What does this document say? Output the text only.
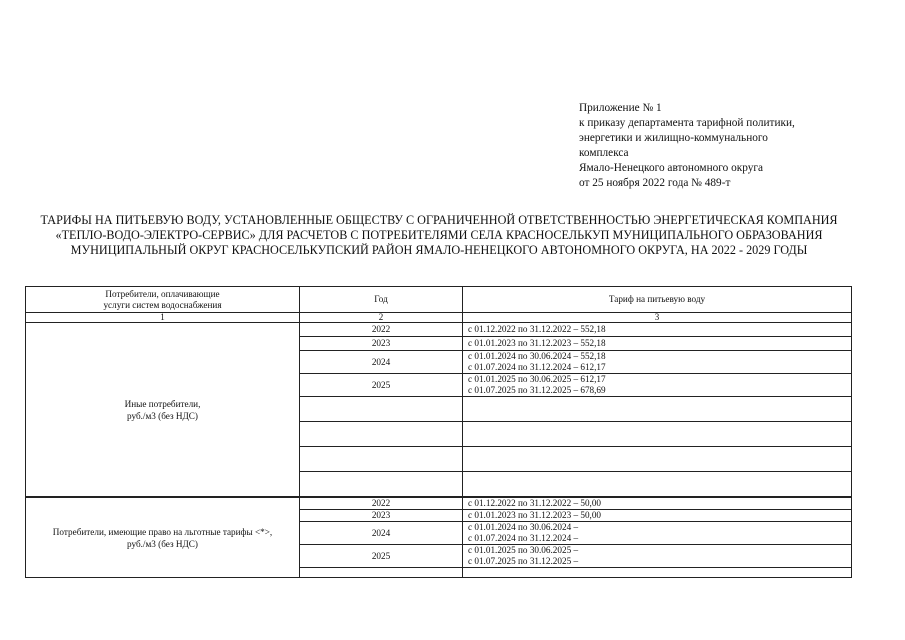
Приложение № 1
к приказу департамента тарифной политики,
энергетики и жилищно-коммунального
комплекса
Ямало-Ненецкого автономного округа
от 25 ноября 2022 года № 489-т
ТАРИФЫ НА ПИТЬЕВУЮ ВОДУ, УСТАНОВЛЕННЫЕ ОБЩЕСТВУ С ОГРАНИЧЕННОЙ ОТВЕТСТВЕННОСТЬЮ ЭНЕРГЕТИЧЕСКАЯ КОМПАНИЯ «ТЕПЛО-ВОДО-ЭЛЕКТРО-СЕРВИС» ДЛЯ РАСЧЕТОВ С ПОТРЕБИТЕЛЯМИ СЕЛА КРАСНОСЕЛЬКУП МУНИЦИПАЛЬНОГО ОБРАЗОВАНИЯ МУНИЦИПАЛЬНЫЙ ОКРУГ КРАСНОСЕЛЬКУПСКИЙ РАЙОН ЯМАЛО-НЕНЕЦКОГО АВТОНОМНОГО ОКРУГА, НА 2022 - 2029 ГОДЫ
Потребители, оплачивающие
услуги систем водоснабжения	Год	Тариф на питьевую воду
1	2	3

Иные потребители,
руб./м3 (без НДС)	2022	с 01.12.2022 по 31.12.2022 – 552,18
	2023	с 01.01.2023 по 31.12.2023 – 552,18
	2024	с 01.01.2024 по 30.06.2024 – 552,18
с 01.07.2024 по 31.12.2024 – 612,17

	2025	с 01.01.2025 по 30.06.2025 – 612,17
с 01.07.2025 по 31.12.2025 – 678,69

Потребители, имеющие право на льготные тарифы <*>,
руб./м3 (без НДС)	2022	с 01.12.2022 по 31.12.2022 – 50,00
	2023	с 01.01.2023 по 31.12.2023 – 50,00
	2024	с 01.01.2024 по 30.06.2024 –
с 01.07.2024 по 31.12.2024 –

	2025	с 01.01.2025 по 30.06.2025 –
с 01.07.2025 по 31.12.2025 –
